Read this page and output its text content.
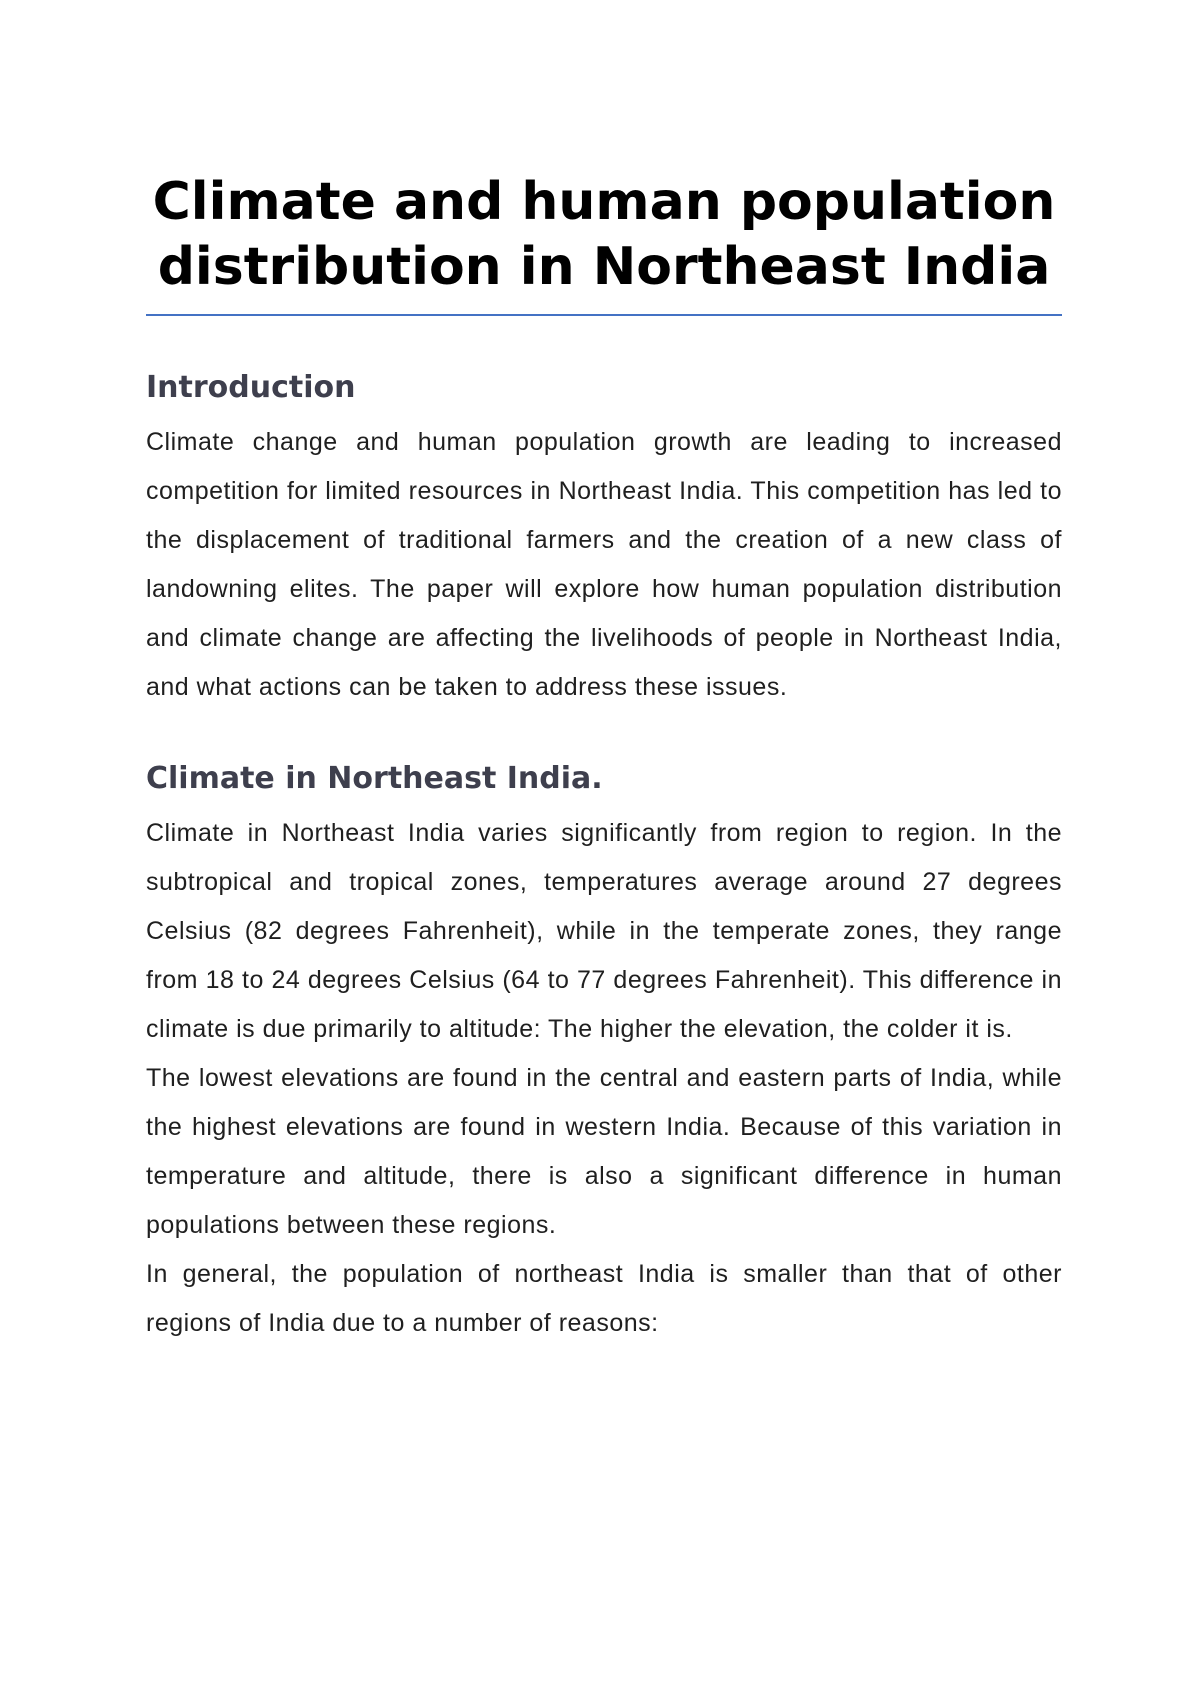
Climate and human population distribution in Northeast India
Introduction

Climate change and human population growth are leading to increased competition for limited resources in Northeast India. This competition has led to the displacement of traditional farmers and the creation of a new class of landowning elites. The paper will explore how human population distribution and climate change are affecting the livelihoods of people in Northeast India, and what actions can be taken to address these issues.

Climate in Northeast India.

Climate in Northeast India varies significantly from region to region. In the subtropical and tropical zones, temperatures average around 27 degrees Celsius (82 degrees Fahrenheit), while in the temperate zones, they range from 18 to 24 degrees Celsius (64 to 77 degrees Fahrenheit). This difference in climate is due primarily to altitude: The higher the elevation, the colder it is.

The lowest elevations are found in the central and eastern parts of India, while the highest elevations are found in western India. Because of this variation in temperature and altitude, there is also a significant difference in human populations between these regions.

In general, the population of northeast India is smaller than that of other regions of India due to a number of reasons:
